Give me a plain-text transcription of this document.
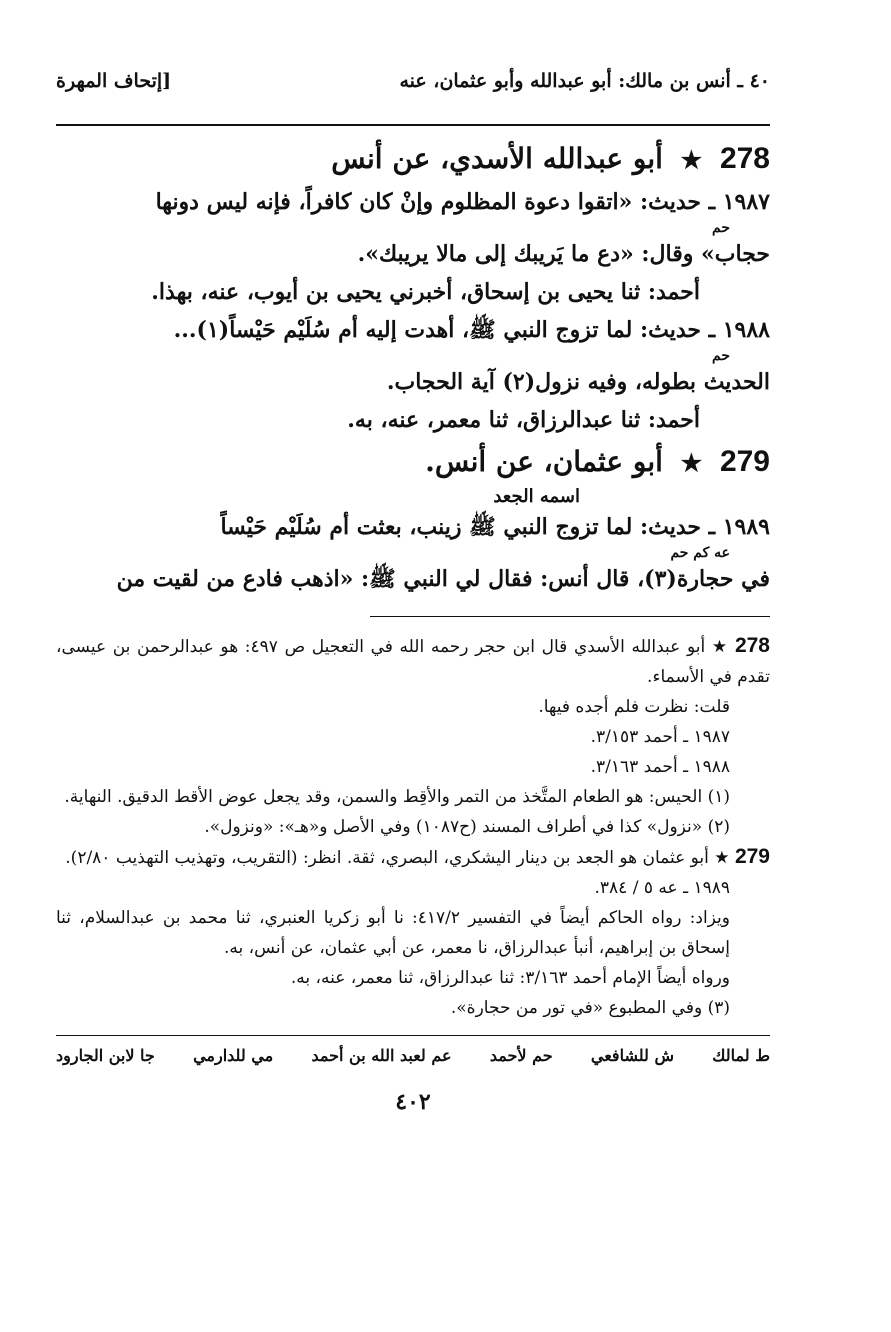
٤٠ ـ أنس بن مالك: أبو عبدالله وأبو عثمان، عنه
[إتحاف المهرة
278 ★ أبو عبدالله الأسدي، عن أنس

١٩٨٧ ـ حديث: «اتقوا دعوة المظلوم وإنْ كان كافراً، فإنه ليس دونها

حم

حجاب» وقال: «دع ما يَريبك إلى مالا يريبك».

أحمد: ثنا يحيى بن إسحاق، أخبرني يحيى بن أيوب، عنه، بهذا.

١٩٨٨ ـ حديث: لما تزوج النبي ﷺ، أهدت إليه أم سُلَيْم حَيْساً(١)...

حم

الحديث بطوله، وفيه نزول(٢) آية الحجاب.

أحمد: ثنا عبدالرزاق، ثنا معمر، عنه، به.

279 ★ أبو عثمان، عن أنس.
اسمه الجعد

١٩٨٩ ـ حديث: لما تزوج النبي ﷺ زينب، بعثت أم سُلَيْم حَيْساً

عه كم حم

في حجارة(٣)، قال أنس: فقال لي النبي ﷺ: «اذهب فادع من لقيت من

278 ★ أبو عبدالله الأسدي قال ابن حجر رحمه الله في التعجيل ص ٤٩٧: هو عبدالرحمن بن عيسى، تقدم في الأسماء.

قلت: نظرت فلم أجده فيها.

١٩٨٧ ـ أحمد ٣/١٥٣.

١٩٨٨ ـ أحمد ٣/١٦٣.

(١) الحيس: هو الطعام المتَّخذ من التمر والأقِط والسمن، وقد يجعل عوض الأقط الدقيق. النهاية.

(٢) «نزول» كذا في أطراف المسند (ح١٠٨٧) وفي الأصل و«هـ»: «ونزول».

279 ★ أبو عثمان هو الجعد بن دينار اليشكري، البصري، ثقة. انظر: (التقريب، وتهذيب التهذيب ٢/٨٠).

١٩٨٩ ـ عه ٥ / ٣٨٤.

ويزاد: رواه الحاكم أيضاً في التفسير ٤١٧/٢: نا أبو زكريا العنبري، ثنا محمد بن عبدالسلام، ثنا إسحاق بن إبراهيم، أنبأ عبدالرزاق، نا معمر، عن أبي عثمان، عن أنس، به.

ورواه أيضاً الإمام أحمد ٣/١٦٣: ثنا عبدالرزاق، ثنا معمر، عنه، به.

(٣) وفي المطبوع «في تور من حجارة».

ط لمالك
ش للشافعي
حم لأحمد
عم لعبد الله بن أحمد
مي للدارمي
جا لابن الجارود
٤٠٢
